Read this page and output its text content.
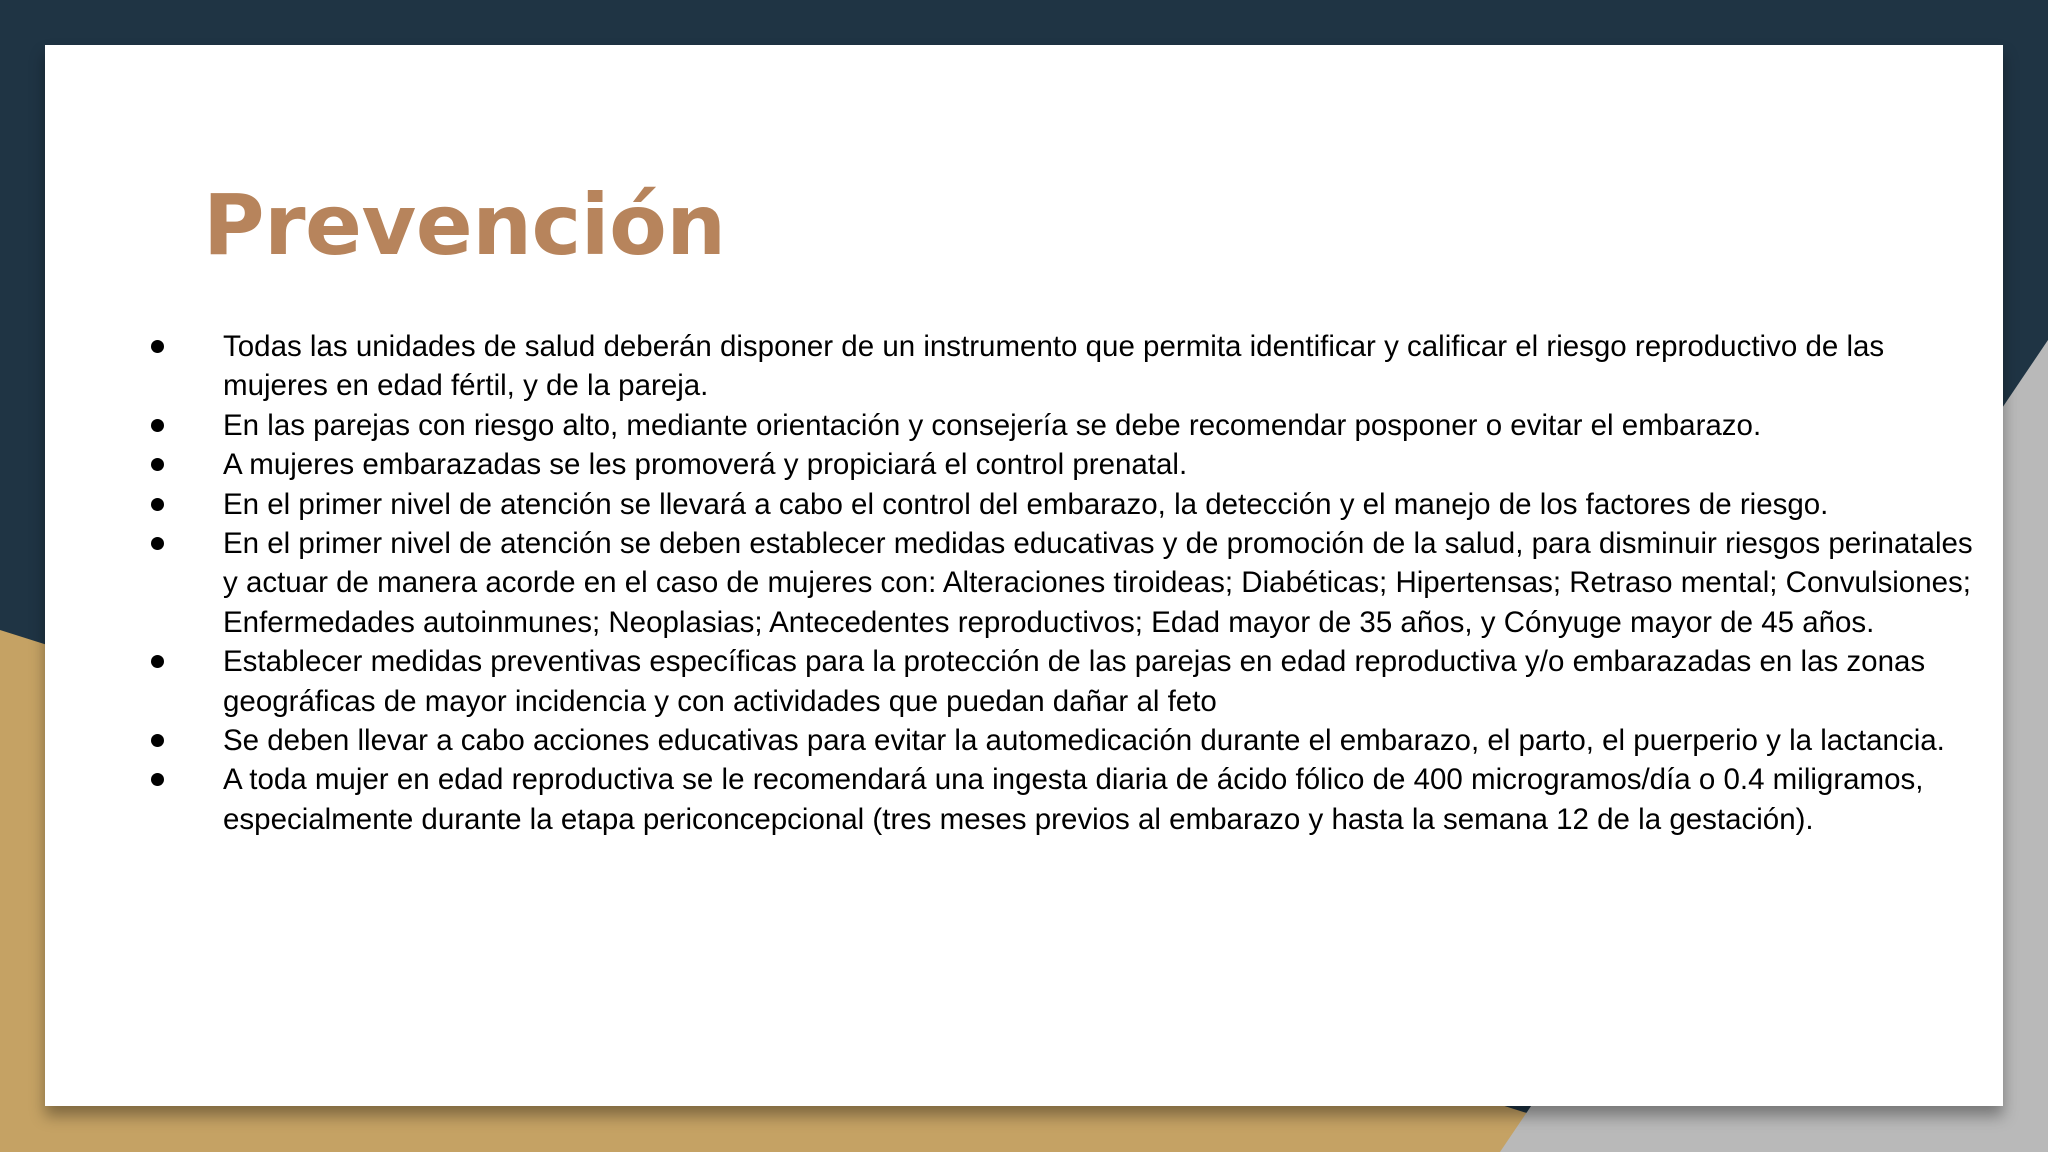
Prevención
Todas las unidades de salud deberán disponer de un instrumento que permita identificar y calificar el riesgo reproductivo de las mujeres en edad fértil, y de la pareja.
En las parejas con riesgo alto, mediante orientación y consejería se debe recomendar posponer o evitar el embarazo.
A mujeres embarazadas se les promoverá y propiciará el control prenatal.
En el primer nivel de atención se llevará a cabo el control del embarazo, la detección y el manejo de los factores de riesgo.
En el primer nivel de atención se deben establecer medidas educativas y de promoción de la salud, para disminuir riesgos perinatales y actuar de manera acorde en el caso de mujeres con: Alteraciones tiroideas; Diabéticas; Hipertensas; Retraso mental; Convulsiones; Enfermedades autoinmunes; Neoplasias; Antecedentes reproductivos; Edad mayor de 35 años, y Cónyuge mayor de 45 años.
Establecer medidas preventivas específicas para la protección de las parejas en edad reproductiva y/o embarazadas en las zonas geográficas de mayor incidencia y con actividades que puedan dañar al feto
Se deben llevar a cabo acciones educativas para evitar la automedicación durante el embarazo, el parto, el puerperio y la lactancia.
A toda mujer en edad reproductiva se le recomendará una ingesta diaria de ácido fólico de 400 microgramos/día o 0.4 miligramos, especialmente durante la etapa periconcepcional (tres meses previos al embarazo y hasta la semana 12 de la gestación).
